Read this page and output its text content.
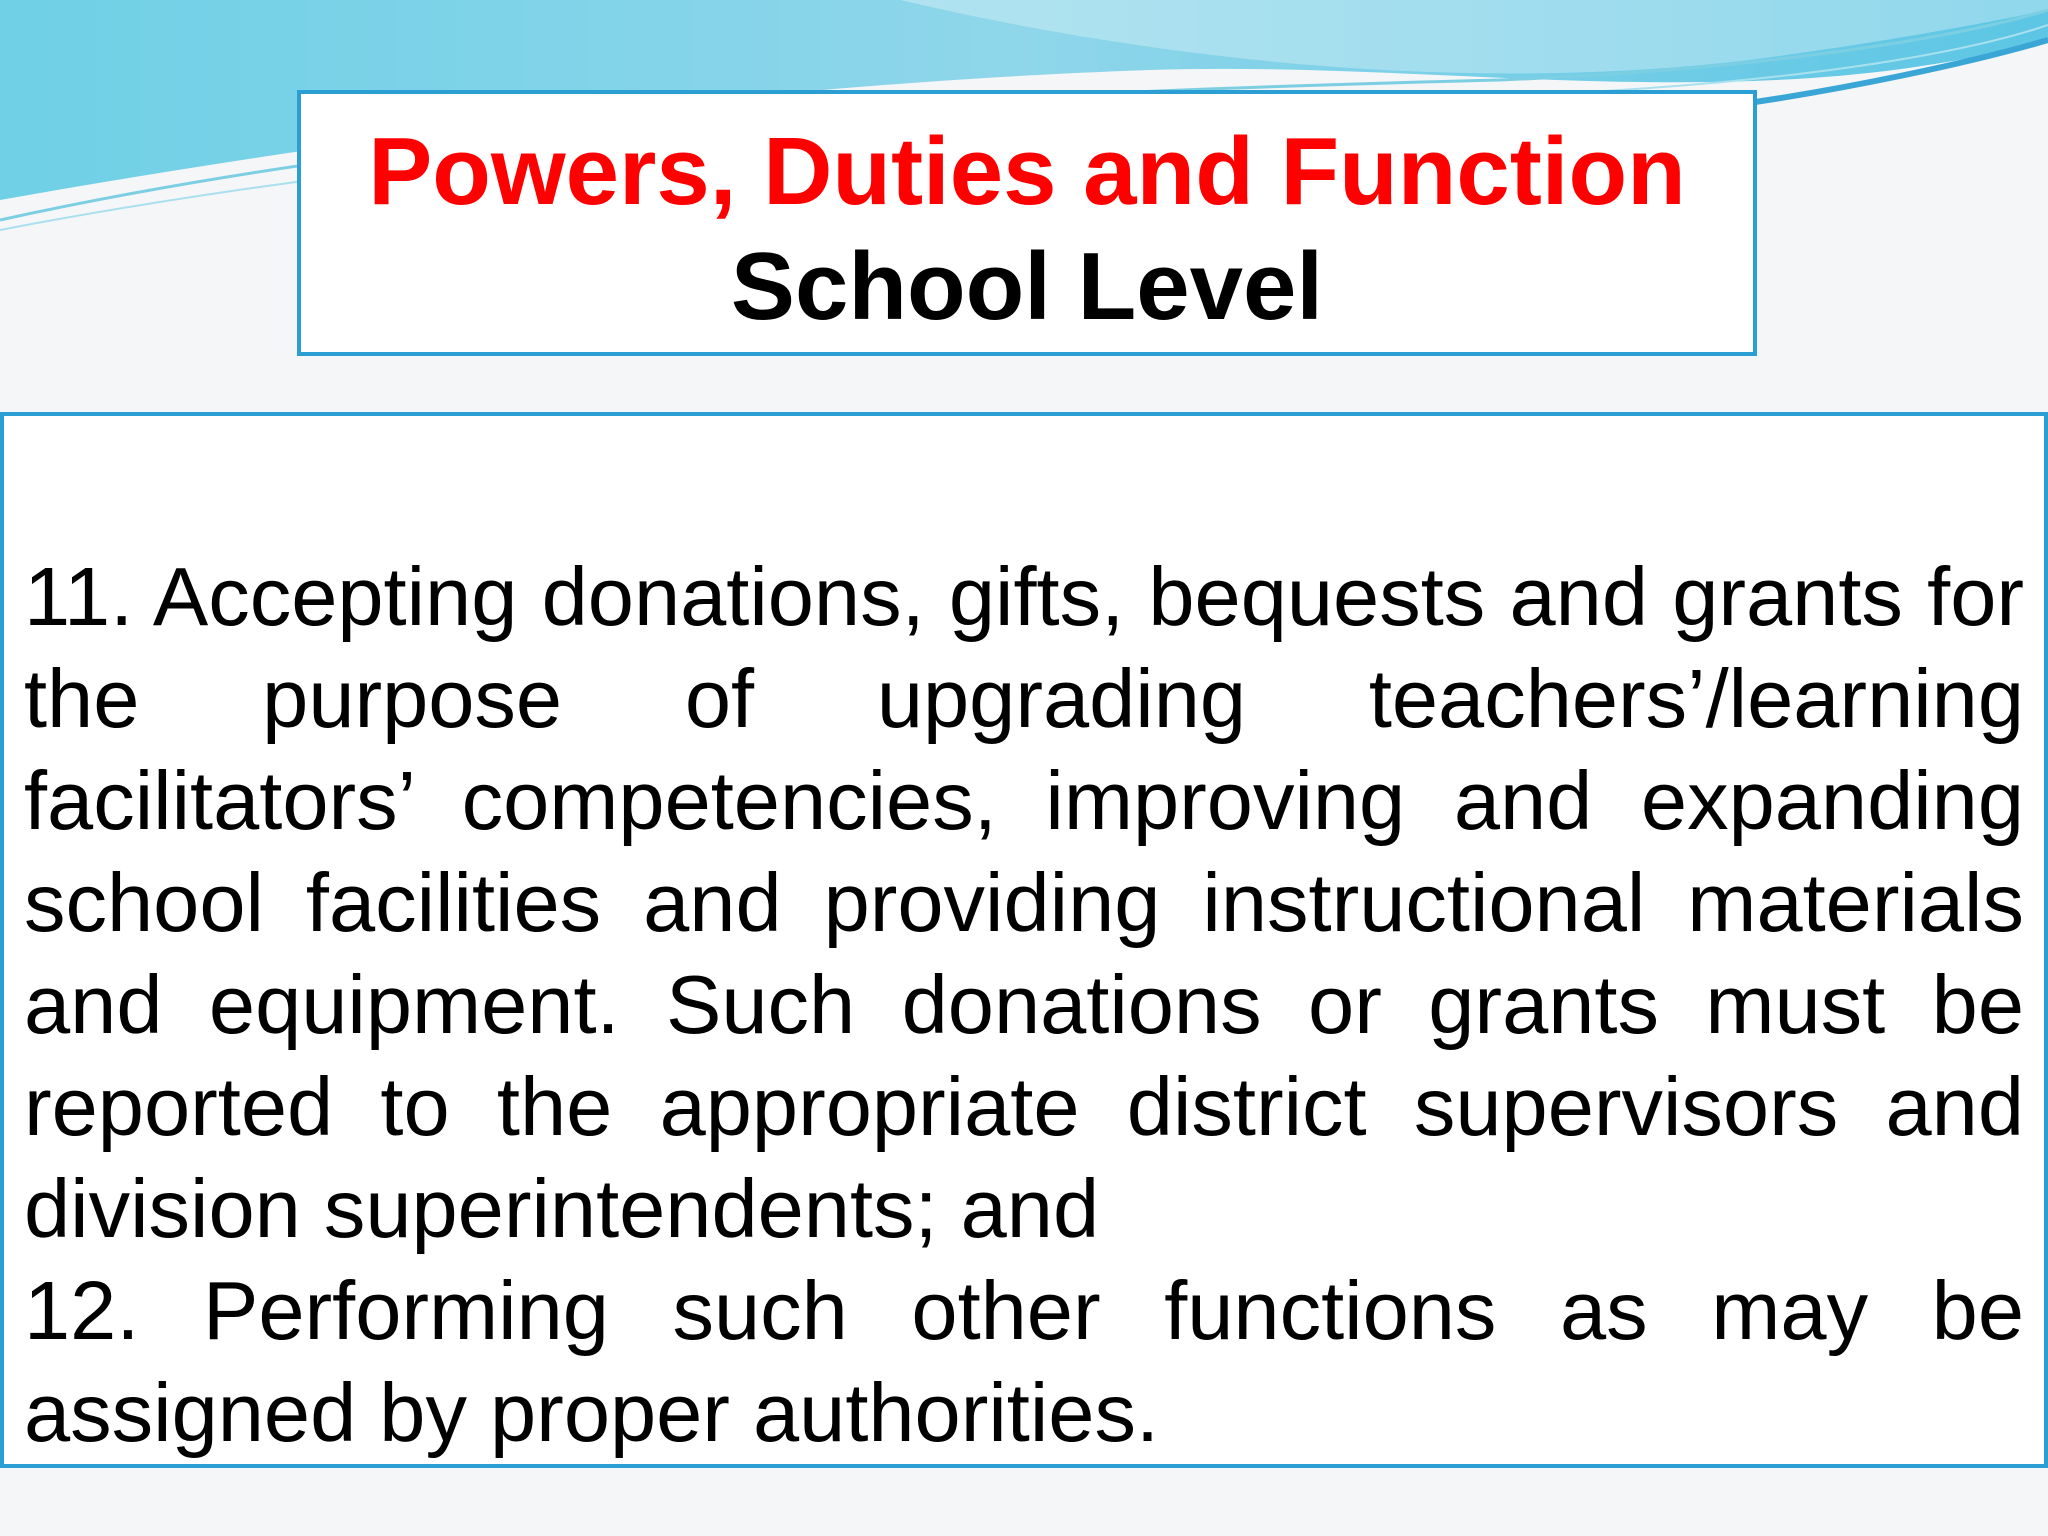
Powers, Duties and Function
School Level

11. Accepting donations, gifts, bequests and grants for the purpose of upgrading teachers’/learning facilitators’ competencies, improving and expanding school facilities and providing instructional materials and equipment. Such donations or grants must be reported to the appropriate district supervisors and division superintendents; and

12. Performing such other functions as may be assigned by proper authorities.
